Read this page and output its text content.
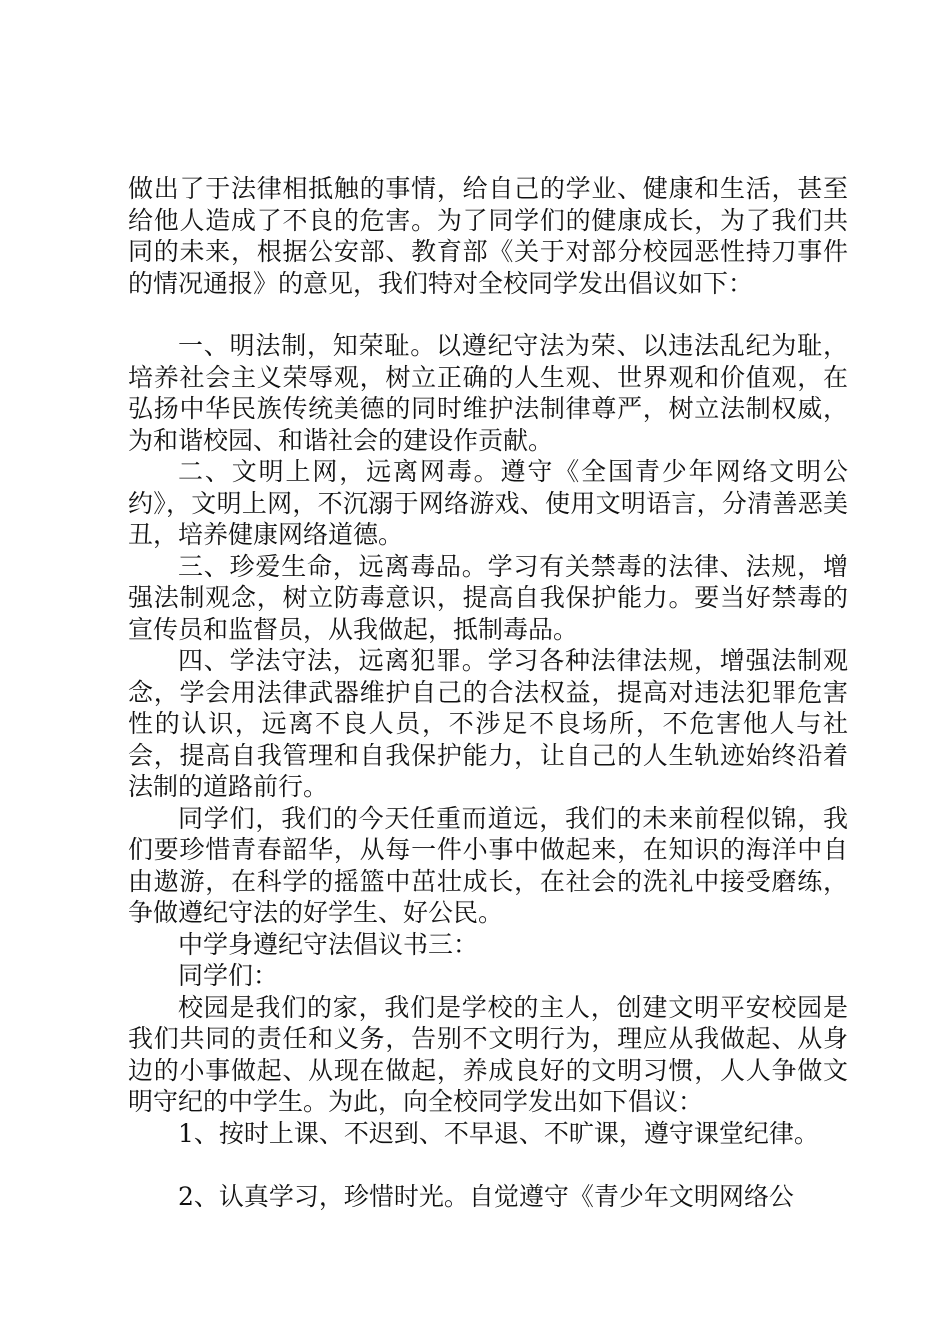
做出了于法律相抵触的事情，给自己的学业、健康和生活，甚至给他人造成了不良的危害。为了同学们的健康成长，为了我们共同的未来，根据公安部、教育部《关于对部分校园恶性持刀事件的情况通报》的意见，我们特对全校同学发出倡议如下：

一、明法制，知荣耻。以遵纪守法为荣、以违法乱纪为耻，培养社会主义荣辱观，树立正确的人生观、世界观和价值观，在弘扬中华民族传统美德的同时维护法制律尊严，树立法制权威，为和谐校园、和谐社会的建设作贡献。

二、文明上网，远离网毒。遵守《全国青少年网络文明公约》，文明上网，不沉溺于网络游戏、使用文明语言，分清善恶美丑，培养健康网络道德。

三、珍爱生命，远离毒品。学习有关禁毒的法律、法规，增强法制观念，树立防毒意识，提高自我保护能力。要当好禁毒的宣传员和监督员，从我做起，抵制毒品。

四、学法守法，远离犯罪。学习各种法律法规，增强法制观念，学会用法律武器维护自己的合法权益，提高对违法犯罪危害性的认识，远离不良人员，不涉足不良场所，不危害他人与社会，提高自我管理和自我保护能力，让自己的人生轨迹始终沿着法制的道路前行。

同学们，我们的今天任重而道远，我们的未来前程似锦，我们要珍惜青春韶华，从每一件小事中做起来，在知识的海洋中自由遨游，在科学的摇篮中茁壮成长，在社会的洗礼中接受磨练，争做遵纪守法的好学生、好公民。

中学身遵纪守法倡议书三：

同学们：

校园是我们的家，我们是学校的主人，创建文明平安校园是我们共同的责任和义务，告别不文明行为，理应从我做起、从身边的小事做起、从现在做起，养成良好的文明习惯，人人争做文明守纪的中学生。为此，向全校同学发出如下倡议：

1、按时上课、不迟到、不早退、不旷课，遵守课堂纪律。

2、认真学习，珍惜时光。自觉遵守《青少年文明网络公
